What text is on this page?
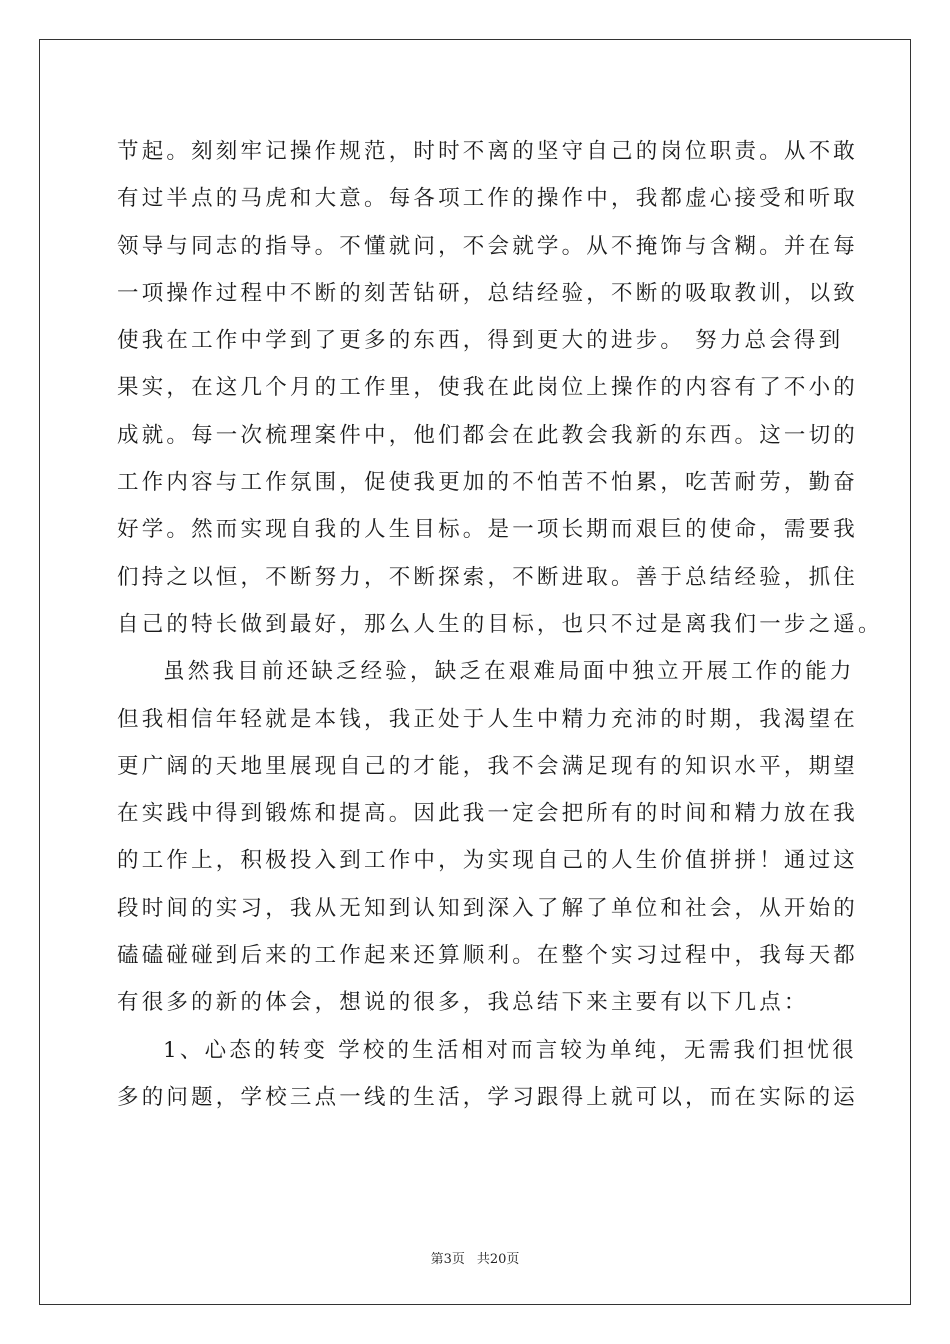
节起。刻刻牢记操作规范，时时不离的坚守自己的岗位职责。从不敢
有过半点的马虎和大意。每各项工作的操作中，我都虚心接受和听取
领导与同志的指导。不懂就问，不会就学。从不掩饰与含糊。并在每
一项操作过程中不断的刻苦钻研，总结经验，不断的吸取教训，以致
使我在工作中学到了更多的东西，得到更大的进步。 努力总会得到
果实，在这几个月的工作里，使我在此岗位上操作的内容有了不小的
成就。每一次梳理案件中，他们都会在此教会我新的东西。这一切的
工作内容与工作氛围，促使我更加的不怕苦不怕累，吃苦耐劳，勤奋
好学。然而实现自我的人生目标。是一项长期而艰巨的使命，需要我
们持之以恒，不断努力，不断探索，不断进取。善于总结经验，抓住
自己的特长做到最好，那么人生的目标，也只不过是离我们一步之遥。
虽然我目前还缺乏经验，缺乏在艰难局面中独立开展工作的能力
但我相信年轻就是本钱，我正处于人生中精力充沛的时期，我渴望在
更广阔的天地里展现自己的才能，我不会满足现有的知识水平，期望
在实践中得到锻炼和提高。因此我一定会把所有的时间和精力放在我
的工作上，积极投入到工作中，为实现自己的人生价值拼拼！通过这
段时间的实习，我从无知到认知到深入了解了单位和社会，从开始的
磕磕碰碰到后来的工作起来还算顺利。在整个实习过程中，我每天都
有很多的新的体会，想说的很多，我总结下来主要有以下几点：
1、心态的转变 学校的生活相对而言较为单纯，无需我们担忧很
多的问题，学校三点一线的生活，学习跟得上就可以，而在实际的运
第3页 共20页
